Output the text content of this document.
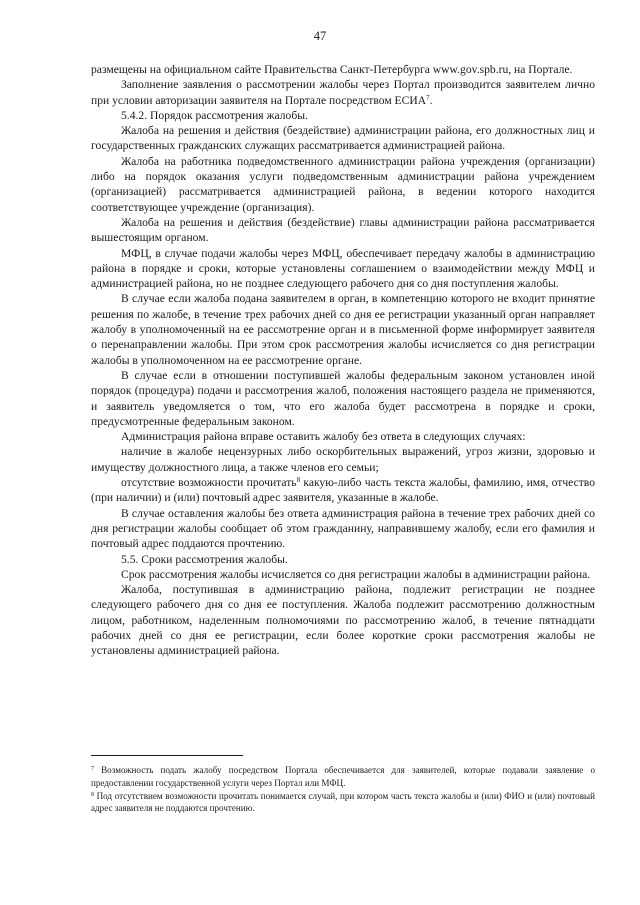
47

размещены на официальном сайте Правительства Санкт-Петербурга www.gov.spb.ru, на Портале.

Заполнение заявления о рассмотрении жалобы через Портал производится заявителем лично при условии авторизации заявителя на Портале посредством ЕСИА$^7$.

5.4.2. Порядок рассмотрения жалобы.

Жалоба на решения и действия (бездействие) администрации района, его должностных лиц и государственных гражданских служащих рассматривается администрацией района.

Жалоба на работника подведомственного администрации района учреждения (организации) либо на порядок оказания услуги подведомственным администрации района учреждением (организацией) рассматривается администрацией района, в ведении которого находится соответствующее учреждение (организация).

Жалоба на решения и действия (бездействие) главы администрации района рассматривается вышестоящим органом.

МФЦ, в случае подачи жалобы через МФЦ, обеспечивает передачу жалобы в администрацию района в порядке и сроки, которые установлены соглашением о взаимодействии между МФЦ и администрацией района, но не позднее следующего рабочего дня со дня поступления жалобы.

В случае если жалоба подана заявителем в орган, в компетенцию которого не входит принятие решения по жалобе, в течение трех рабочих дней со дня ее регистрации указанный орган направляет жалобу в уполномоченный на ее рассмотрение орган и в письменной форме информирует заявителя о перенаправлении жалобы. При этом срок рассмотрения жалобы исчисляется со дня регистрации жалобы в уполномоченном на ее рассмотрение органе.

В случае если в отношении поступившей жалобы федеральным законом установлен иной порядок (процедура) подачи и рассмотрения жалоб, положения настоящего раздела не применяются, и заявитель уведомляется о том, что его жалоба будет рассмотрена в порядке и сроки, предусмотренные федеральным законом.

Администрация района вправе оставить жалобу без ответа в следующих случаях:

наличие в жалобе нецензурных либо оскорбительных выражений, угроз жизни, здоровью и имуществу должностного лица, а также членов его семьи;

отсутствие возможности прочитать$^8$ какую-либо часть текста жалобы, фамилию, имя, отчество (при наличии) и (или) почтовый адрес заявителя, указанные в жалобе.

В случае оставления жалобы без ответа администрация района в течение трех рабочих дней со дня регистрации жалобы сообщает об этом гражданину, направившему жалобу, если его фамилия и почтовый адрес поддаются прочтению.

5.5. Сроки рассмотрения жалобы.

Срок рассмотрения жалобы исчисляется со дня регистрации жалобы в администрации района.

Жалоба, поступившая в администрацию района, подлежит регистрации не позднее следующего рабочего дня со дня ее поступления. Жалоба подлежит рассмотрению должностным лицом, работником, наделенным полномочиями по рассмотрению жалоб, в течение пятнадцати рабочих дней со дня ее регистрации, если более короткие сроки рассмотрения жалобы не установлены администрацией района.

$^7$ Возможность подать жалобу посредством Портала обеспечивается для заявителей, которые подавали заявление о предоставлении государственной услуги через Портал или МФЦ.

$^8$ Под отсутствием возможности прочитать понимается случай, при котором часть текста жалобы и (или) ФИО и (или) почтовый адрес заявителя не поддаются прочтению.
